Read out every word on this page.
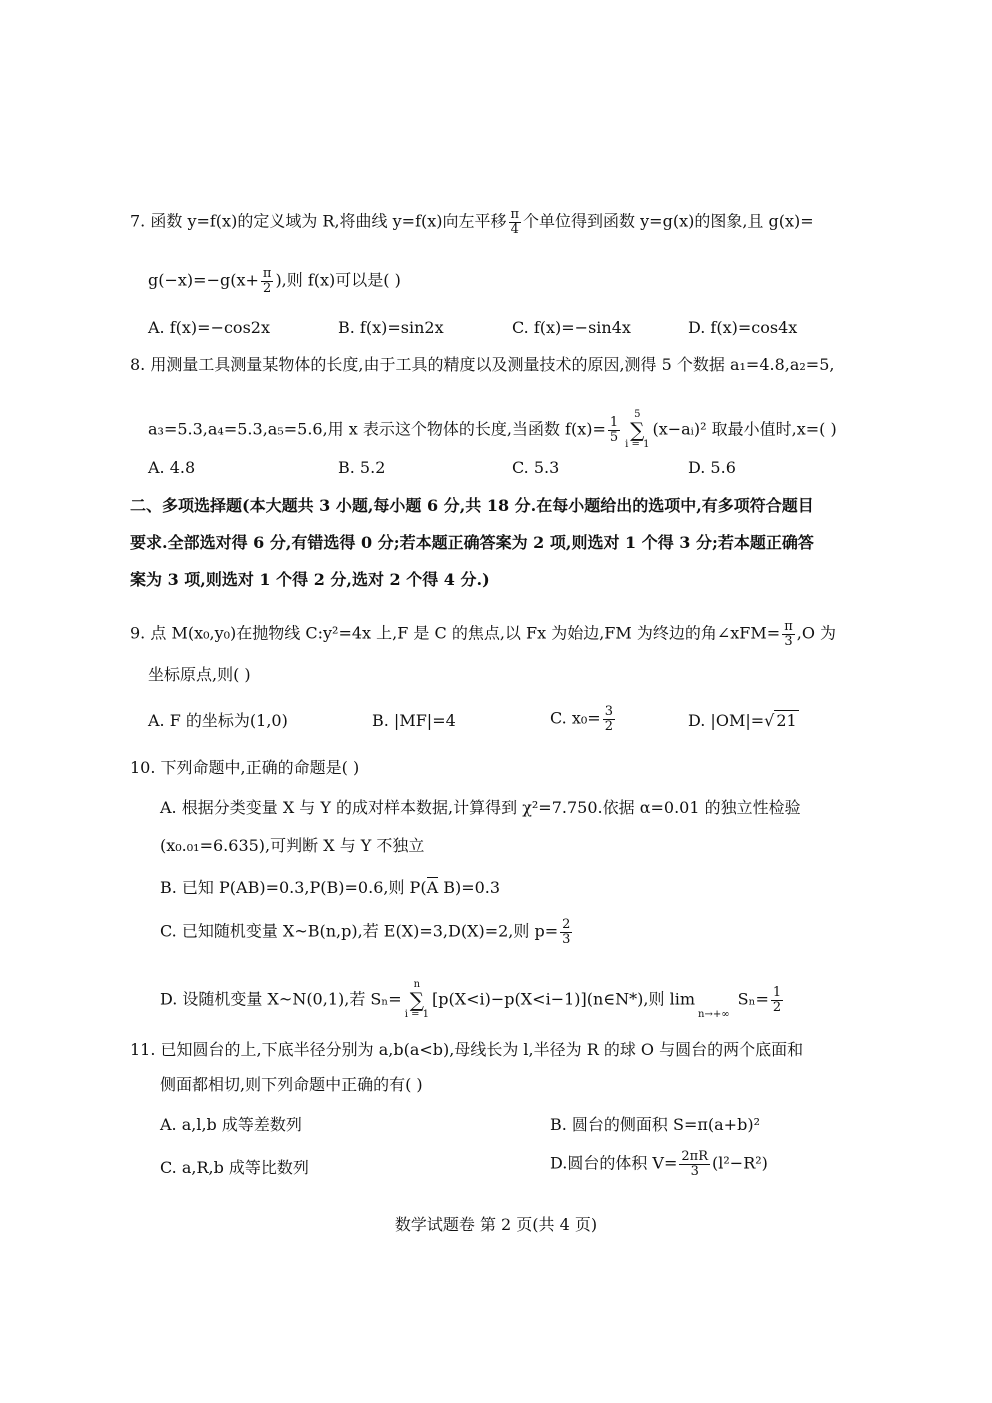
7. 函数 y=f(x)的定义域为 R,将曲线 y=f(x)向左平移 $\frac{\pi}{4}$ 个单位得到函数 y=g(x)的图象,且 g(x)=
$g(-x)=-g(x+ \frac{\pi}{2}$ ),则 f(x)可以是( )
A. f(x)=−cos2x	B. f(x)=sin2x	C. f(x)=−sin4x	D. f(x)=cos4x
8. 用测量工具测量某物体的长度,由于工具的精度以及测量技术的原因,测得 5 个数据 a₁=4.8,a₂=5,
a₃=5.3,a₄=5.3,a₅=5.6,用 x 表示这个物体的长度,当函数 $f(x)= \frac{1}{5}$
5
∑
i = 1(x−aᵢ)² 取最小值时,x=( )
A. 4.8	B. 5.2	C. 5.3	D. 5.6
二、多项选择题(本大题共 3 小题,每小题 6 分,共 18 分.在每小题给出的选项中,有多项符合题目
要求.全部选对得 6 分,有错选得 0 分;若本题正确答案为 2 项,则选对 1 个得 3 分;若本题正确答
案为 3 项,则选对 1 个得 2 分,选对 2 个得 4 分.)
9. 点 M(x₀,y₀)在抛物线 C:y²=4x 上,F 是 C 的焦点,以 Fx 为始边,FM 为终边的角∠xFM= $\frac{\pi}{3} ,O$ 为
坐标原点,则( )
A. F 的坐标为(1,0)	B. |MF|=4	C. $x_0= \frac{3}{2}$	D. |OM|=√ 21
10. 下列命题中,正确的命题是( )
A. 根据分类变量 X 与 Y 的成对样本数据,计算得到 χ²=7.750.依据 α=0.01 的独立性检验
(x₀.₀₁=6.635),可判断 X 与 Y 不独立
B. 已知 P(AB)=0.3,P(B)=0.6,则 P(A B)=0.3
C. 已知随机变量 X~B(n,p),若 E(X)=3,D(X)=2,则 $p= \frac{2}{3}$
D. 设随机变量 X~N(0,1),若 Sₙ=n
∑
i = 1[p(X<i)−p(X<i−1)](n∈N*),则 limn→+∞ $S_n= \frac{1}{2}$
11. 已知圆台的上,下底半径分别为 a,b(a<b),母线长为 l,半径为 R 的球 O 与圆台的两个底面和
侧面都相切,则下列命题中正确的有( )
A. a,l,b 成等差数列	B. 圆台的侧面积 S=π(a+b)²
C. a,R,b 成等比数列	D.圆台的体积 $V= \frac{2\pi R}{3} (l^2-R^2)$
数学试题卷 第 2 页(共 4 页)
